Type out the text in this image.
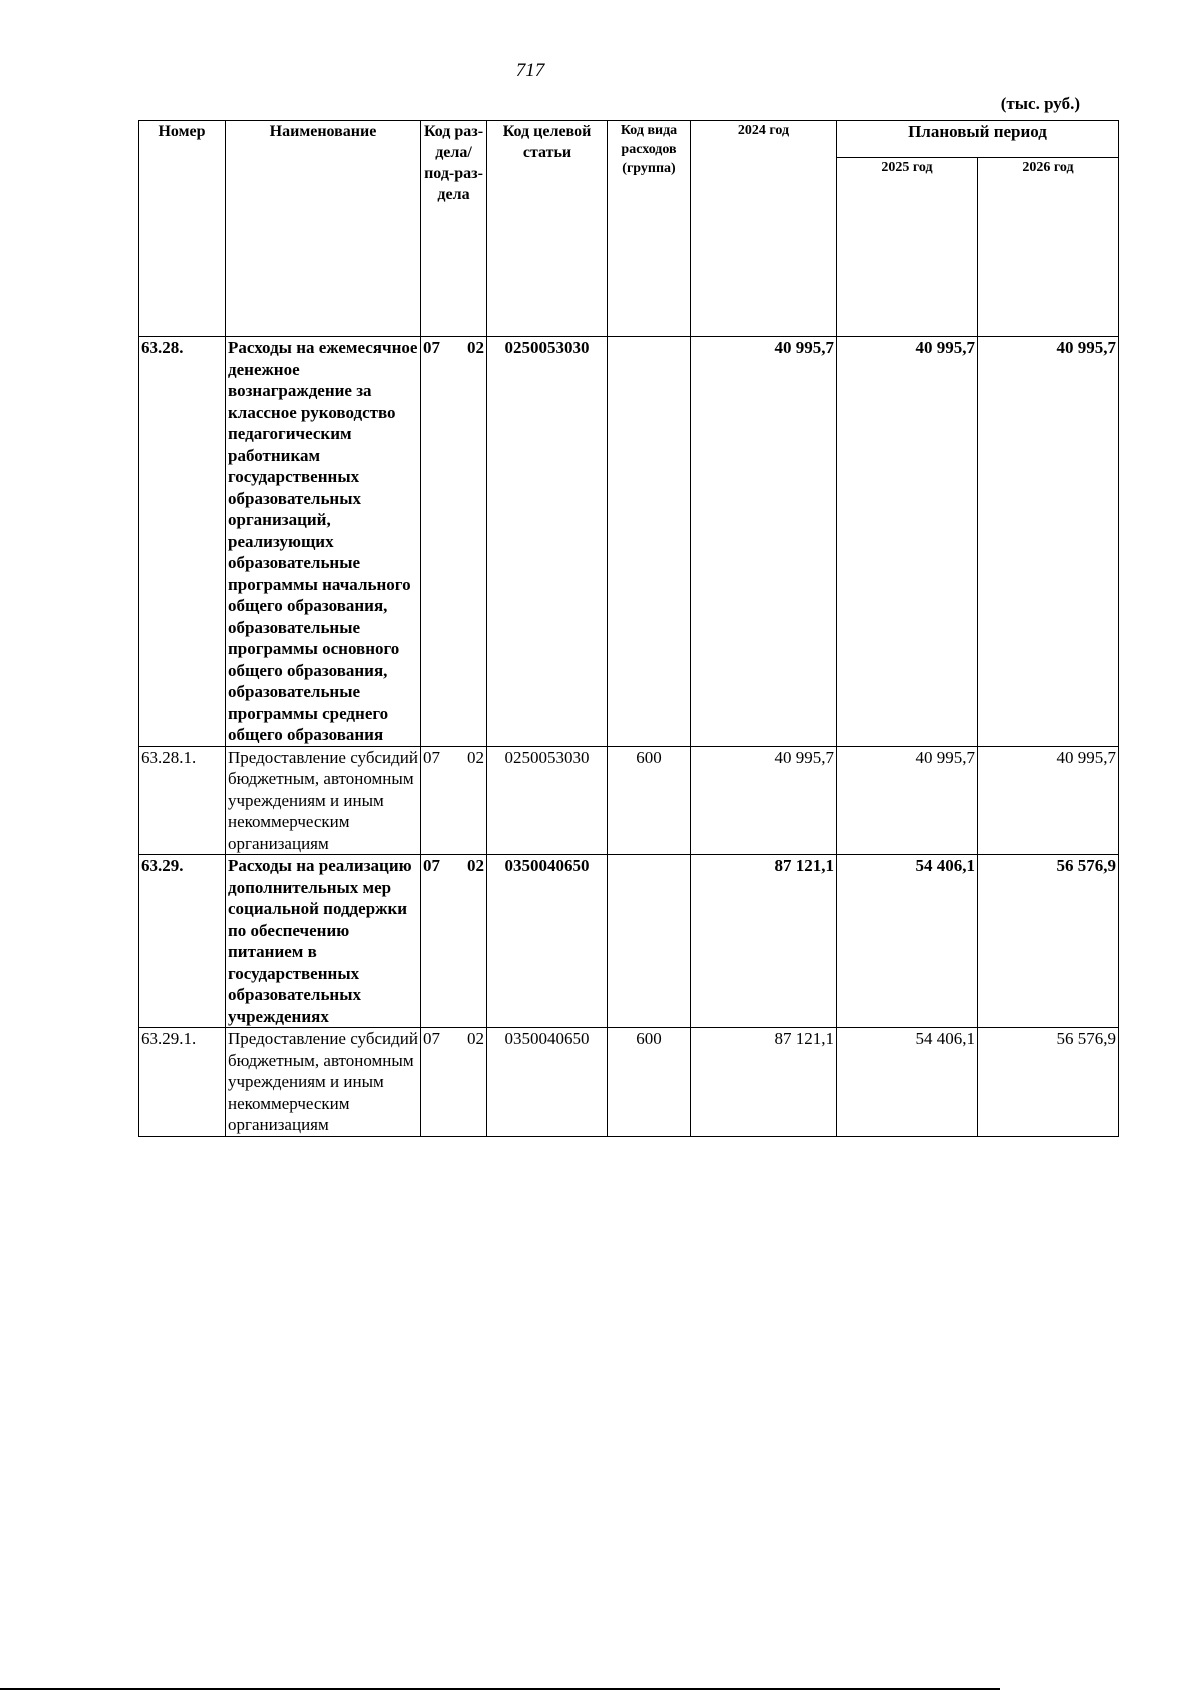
717
(тыс. руб.)
Номер	Наименование	Код раз-дела/ под-раз-дела	Код целевой статьи	Код вида расходов (группа)	2024 год	Плановый период	
						2025 год	2026 год
63.28.	Расходы на ежемесячное денежное вознаграждение за классное руководство педагогическим работникам государственных образовательных организаций, реализующих образовательные программы начального общего образования, образовательные программы основного общего образования, образовательные программы среднего общего образования	07 02	0250053030		40 995,7	40 995,7	40 995,7
63.28.1.	Предоставление субсидий бюджетным, автономным учреждениям и иным некоммерческим организациям	07 02	0250053030	600	40 995,7	40 995,7	40 995,7
63.29.	Расходы на реализацию дополнительных мер социальной поддержки по обеспечению питанием в государственных образовательных учреждениях	07 02	0350040650		87 121,1	54 406,1	56 576,9
63.29.1.	Предоставление субсидий бюджетным, автономным учреждениям и иным некоммерческим организациям	07 02	0350040650	600	87 121,1	54 406,1	56 576,9
